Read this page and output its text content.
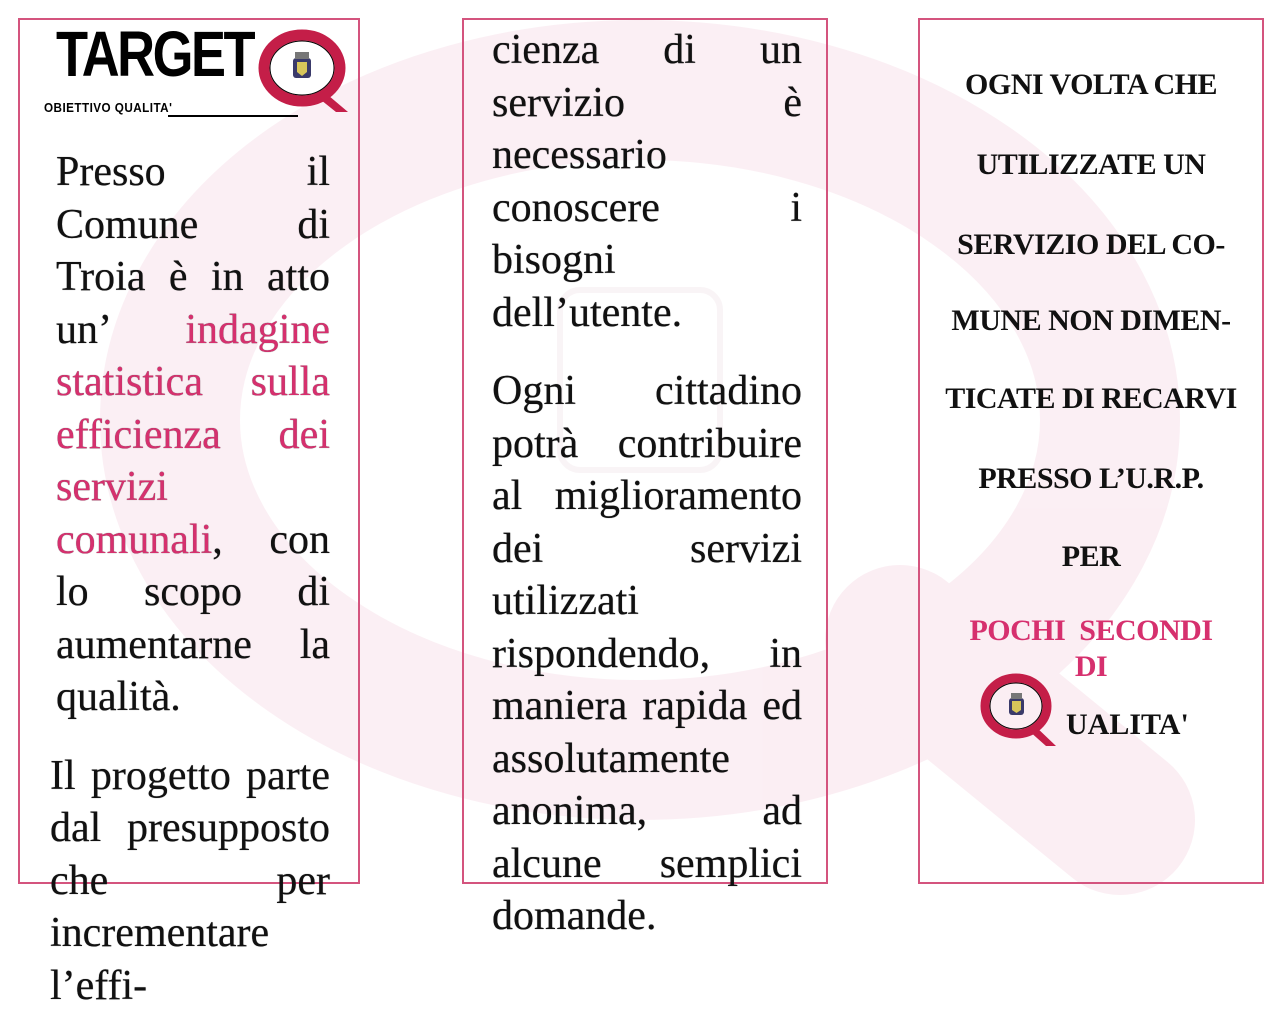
TARGET
OBIETTIVO QUALITA'

Presso il Comune di Troia è in atto un’ indagine statistica sulla efficienza dei servizi comunali, con lo scopo di aumentarne la qualità.

Il progetto parte dal presupposto che per incrementare l’effi-

cienza di un servizio è necessario conoscere i bisogni dell’utente.

Ogni cittadino potrà contribuire al miglioramento dei servizi utilizzati rispondendo, in maniera rapida ed assolutamente anonima, ad alcune semplici domande.

OGNI VOLTA CHE
UTILIZZATE UN
SERVIZIO DEL CO-
MUNE NON DIMEN-
TICATE DI RECARVI
PRESSO L’U.R.P.
PER
POCHI  SECONDI
DI
UALITA'
